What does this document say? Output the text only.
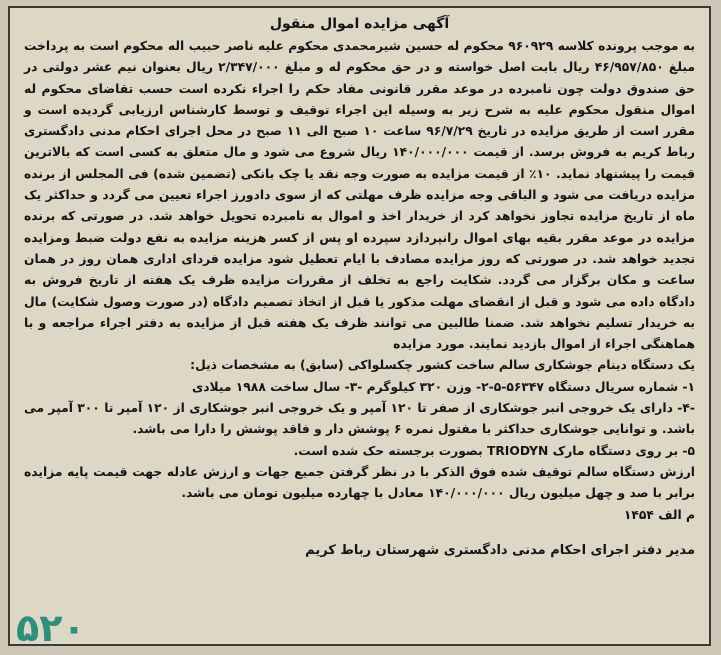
آگهی مزایده اموال منقول

به موجب پرونده کلاسه ۹۶۰۹۲۹ محکوم له حسین شیرمحمدی محکوم علیه ناصر حبیب اله محکوم است به پرداخت مبلغ ۴۶/۹۵۷/۸۵۰ ریال بابت اصل خواسته و در حق محکوم له و مبلغ ۲/۳۴۷/۰۰۰ ریال بعنوان نیم عشر دولتی در حق صندوق دولت چون نامبرده در موعد مقرر قانونی مفاد حکم را اجراء نکرده است حسب تقاضای محکوم له اموال منقول محکوم علیه به شرح زیر به وسیله این اجراء توقیف و توسط کارشناس ارزیابی گردیده است و مقرر است از طریق مزایده در تاریخ ۹۶/۷/۲۹ ساعت ۱۰ صبح الی ۱۱ صبح در محل اجرای احکام مدنی دادگستری رباط کریم به فروش برسد. از قیمت ۱۴۰/۰۰۰/۰۰۰ ریال شروع می شود و مال متعلق به کسی است که بالاترین قیمت را پیشنهاد نماید. ۱۰٪ از قیمت مزایده به صورت وجه نقد یا چک بانکی (تضمین شده) فی المجلس از برنده مزایده دریافت می شود و الباقی وجه مزایده ظرف مهلتی که از سوی دادورز اجراء تعیین می گردد و حداکثر یک ماه از تاریخ مزایده تجاوز نخواهد کرد از خریدار اخذ و اموال به نامبرده تحویل خواهد شد. در صورتی که برنده مزایده در موعد مقرر بقیه بهای اموال رانپردازد سپرده او پس از کسر هزینه مزایده به نفع دولت ضبط ومزایده تجدید خواهد شد. در صورتی که روز مزایده مصادف با ایام تعطیل شود مزایده فردای اداری همان روز در همان ساعت و مکان برگزار می گردد. شکایت راجع به تخلف از مقررات مزایده ظرف یک هفته از تاریخ فروش به دادگاه داده می شود و قبل از انقضای مهلت مذکور یا قبل از اتخاذ تصمیم دادگاه (در صورت وصول شکایت) مال به خریدار تسلیم نخواهد شد. ضمنا طالبین می توانند ظرف یک هفته قبل از مزایده به دفتر اجراء مراجعه و با هماهنگی اجراء از اموال بازدید نمایند. مورد مزایده

یک دستگاه دینام جوشکاری سالم ساخت کشور چکسلواکی (سابق) به مشخصات ذیل:

۱- شماره سریال دستگاه ۵۶۳۴۷-۵-۲- وزن ۳۲۰ کیلوگرم -۳- سال ساخت ۱۹۸۸ میلادی
-۴- دارای یک خروجی انبر جوشکاری از صفر تا ۱۲۰ آمپر و یک خروجی انبر جوشکاری از ۱۲۰ آمپر تا ۳۰۰ آمپر می باشد. و توانایی جوشکاری حداکثر با مفتول نمره ۶ پوشش دار و فاقد پوشش را دارا می باشد.
۵- بر روی دستگاه مارک TRIODYN بصورت برجسته حک شده است.

ارزش دستگاه سالم توقیف شده فوق الذکر با در نظر گرفتن جمیع جهات و ارزش عادله جهت قیمت پایه مزایده برابر با صد و چهل میلیون ریال ۱۴۰/۰۰۰/۰۰۰ معادل با چهارده میلیون تومان می باشد.

م الف ۱۴۵۴

مدیر دفتر اجرای احکام مدنی دادگستری شهرستان رباط کریم
۵۲۰
